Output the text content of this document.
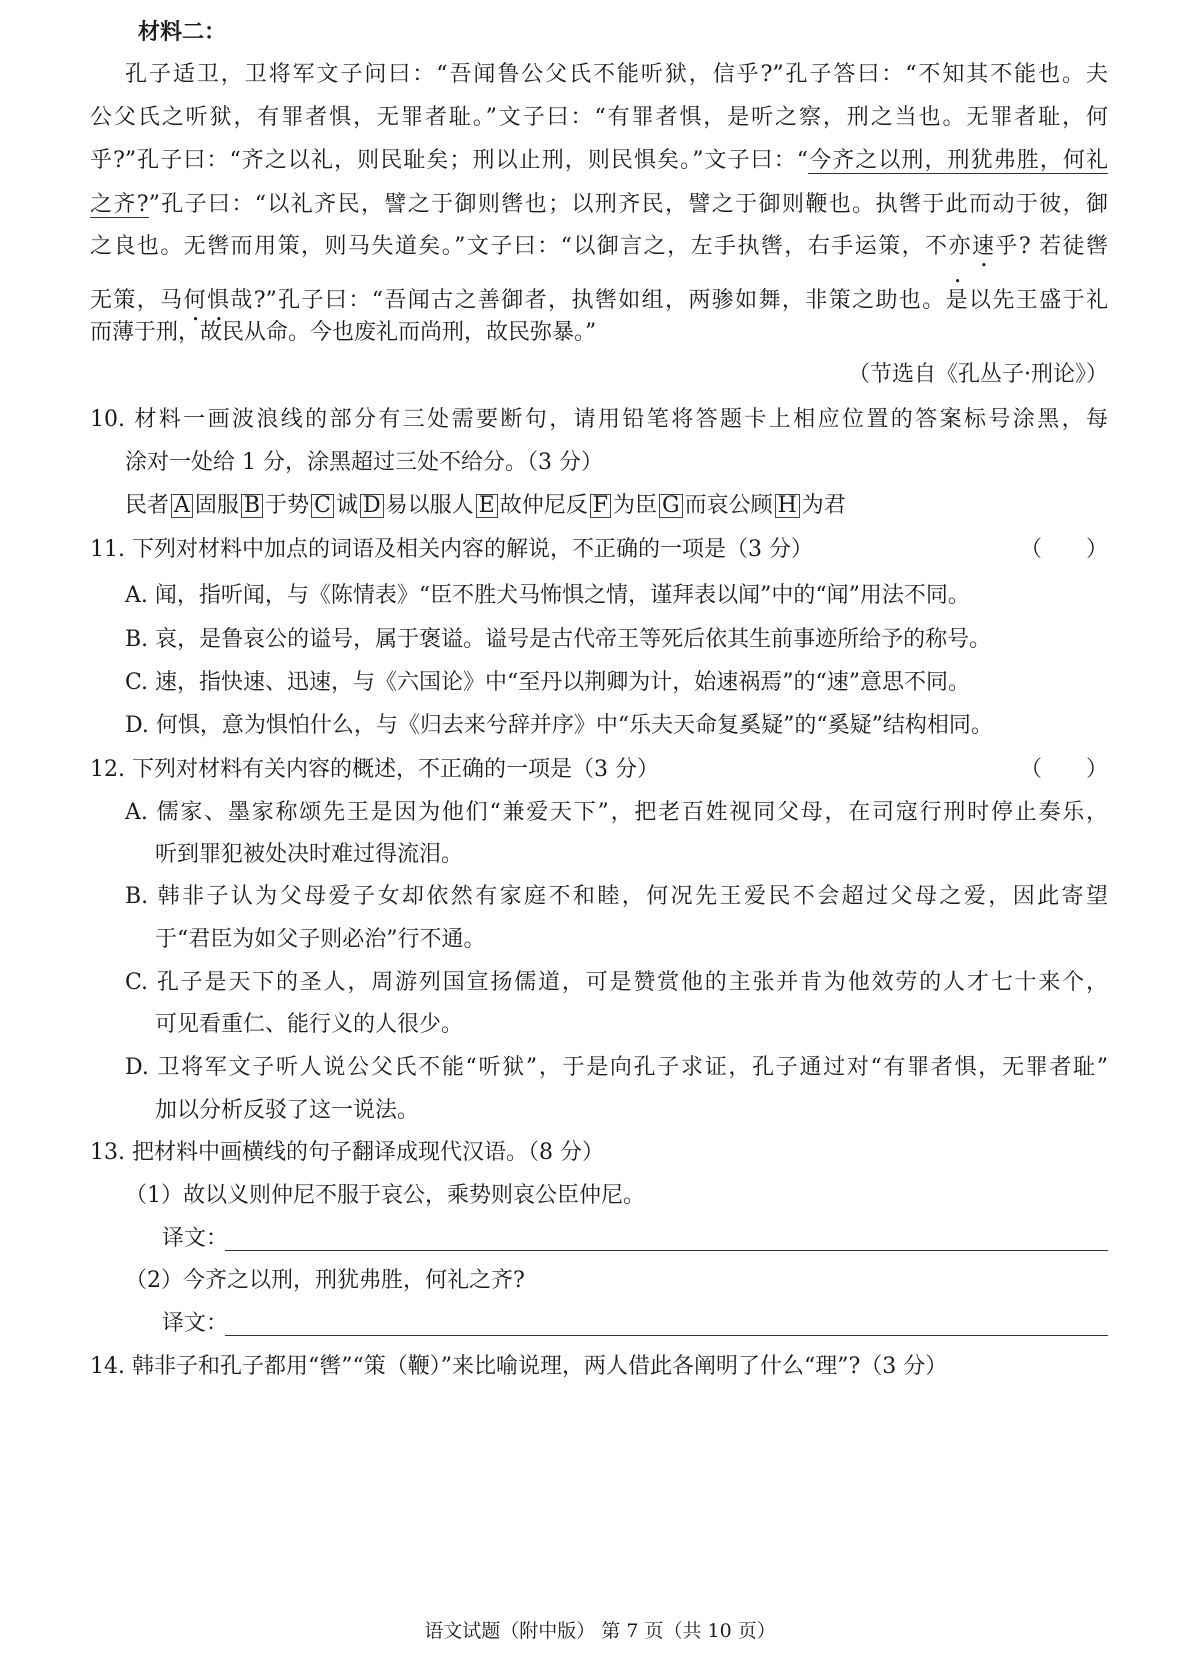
材料二：
孔子适卫，卫将军文子问曰：“吾闻鲁公父氏不能听狱，信乎?”孔子答曰：“不知其不能也。夫
公父氏之听狱，有罪者惧，无罪者耻。”文子曰：“有罪者惧，是听之察，刑之当也。无罪者耻，何
乎?”孔子曰：“齐之以礼，则民耻矣；刑以止刑，则民惧矣。”文子曰：“今齐之以刑，刑犹弗胜，何礼
之齐?”孔子曰：“以礼齐民，譬之于御则辔也；以刑齐民，譬之于御则鞭也。执辔于此而动于彼，御
之良也。无辔而用策，则马失道矣。”文子曰：“以御言之，左手执辔，右手运策，不亦速乎? 若徒辔
无策，马何惧哉?”孔子曰：“吾闻古之善御者，执辔如组，两骖如舞，非策之助也。是以先王盛于礼
而薄于刑，故民从命。今也废礼而尚刑，故民弥暴。”
（节选自《孔丛子·刑论》）
10. 材料一画波浪线的部分有三处需要断句，请用铅笔将答题卡上相应位置的答案标号涂黑，每
涂对一处给 1 分，涂黑超过三处不给分。（3 分）
民者 A 固服 B 于势 C 诚 D 易以服人 E 故仲尼反 F 为臣 G 而哀公顾 H 为君
11. 下列对材料中加点的词语及相关内容的解说，不正确的一项是（3 分）	（　　）
A. 闻，指听闻，与《陈情表》“臣不胜犬马怖惧之情，谨拜表以闻”中的“闻”用法不同。
B. 哀，是鲁哀公的谥号，属于褒谥。谥号是古代帝王等死后依其生前事迹所给予的称号。
C. 速，指快速、迅速，与《六国论》中“至丹以荆卿为计，始速祸焉”的“速”意思不同。
D. 何惧，意为惧怕什么，与《归去来兮辞并序》中“乐夫天命复奚疑”的“奚疑”结构相同。
12. 下列对材料有关内容的概述，不正确的一项是（3 分）	（　　）
A. 儒家、墨家称颂先王是因为他们“兼爱天下”，把老百姓视同父母，在司寇行刑时停止奏乐，
听到罪犯被处决时难过得流泪。
B. 韩非子认为父母爱子女却依然有家庭不和睦，何况先王爱民不会超过父母之爱，因此寄望
于“君臣为如父子则必治”行不通。
C. 孔子是天下的圣人，周游列国宣扬儒道，可是赞赏他的主张并肯为他效劳的人才七十来个，
可见看重仁、能行义的人很少。
D. 卫将军文子听人说公父氏不能“听狱”，于是向孔子求证，孔子通过对“有罪者惧，无罪者耻”
加以分析反驳了这一说法。
13. 把材料中画横线的句子翻译成现代汉语。（8 分）
（1）故以义则仲尼不服于哀公，乘势则哀公臣仲尼。
译文：
（2）今齐之以刑，刑犹弗胜，何礼之齐?
译文：
14. 韩非子和孔子都用“辔”“策（鞭）”来比喻说理，两人借此各阐明了什么“理”?（3 分）
语文试题（附中版） 第 7 页（共 10 页）
